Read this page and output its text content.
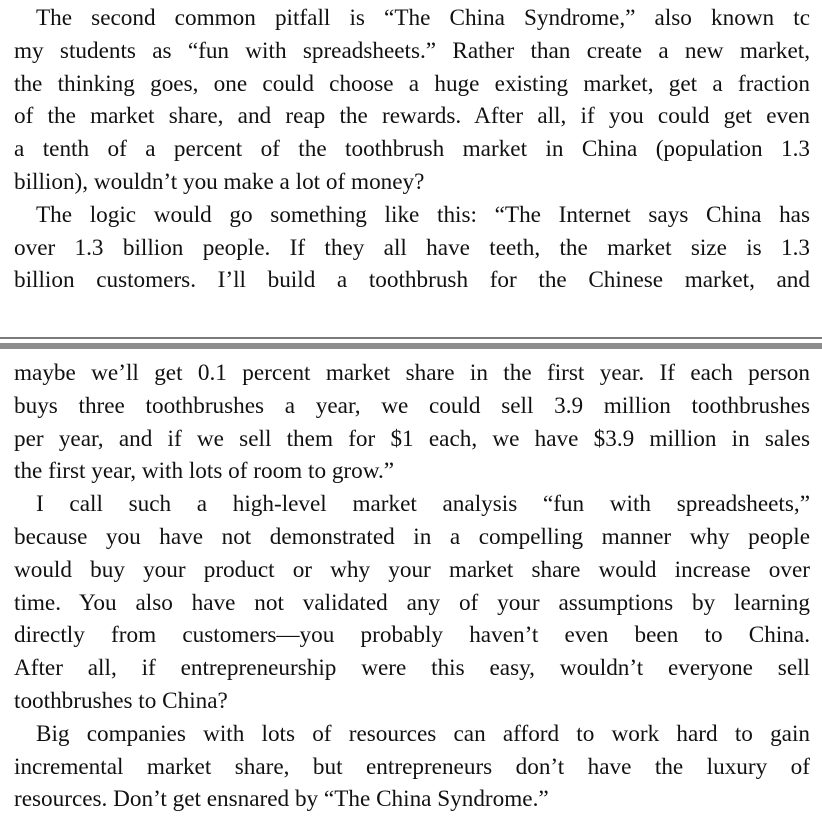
The second common pitfall is “The China Syndrome,” also known tc
my students as “fun with spreadsheets.” Rather than create a new market,
the thinking goes, one could choose a huge existing market, get a fraction
of the market share, and reap the rewards. After all, if you could get even
a tenth of a percent of the toothbrush market in China (population 1.3
billion), wouldn’t you make a lot of money?
The logic would go something like this: “The Internet says China has
over 1.3 billion people. If they all have teeth, the market size is 1.3
billion customers. I’ll build a toothbrush for the Chinese market, and
maybe we’ll get 0.1 percent market share in the first year. If each person
buys three toothbrushes a year, we could sell 3.9 million toothbrushes
per year, and if we sell them for $1 each, we have $3.9 million in sales
the first year, with lots of room to grow.”
I call such a high-level market analysis “fun with spreadsheets,”
because you have not demonstrated in a compelling manner why people
would buy your product or why your market share would increase over
time. You also have not validated any of your assumptions by learning
directly from customers—you probably haven’t even been to China.
After all, if entrepreneurship were this easy, wouldn’t everyone sell
toothbrushes to China?
Big companies with lots of resources can afford to work hard to gain
incremental market share, but entrepreneurs don’t have the luxury of
resources. Don’t get ensnared by “The China Syndrome.”
